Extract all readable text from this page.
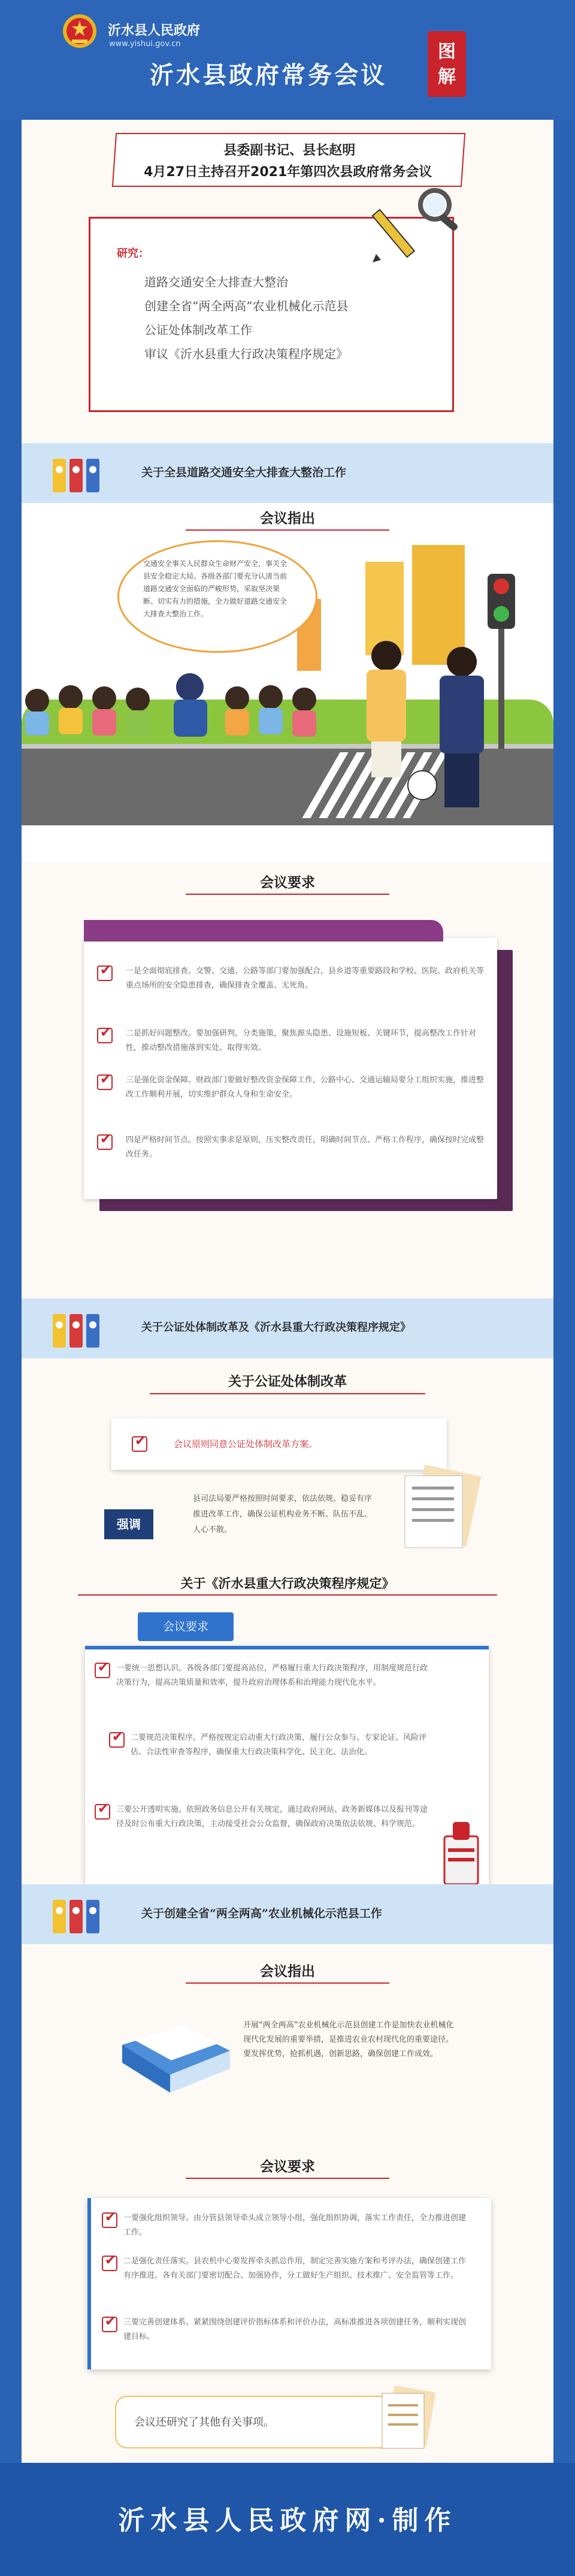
沂水县人民政府
www.yishui.gov.cn
沂水县政府常务会议
图解
县委副书记、县长赵明
4月27日主持召开2021年第四次县政府常务会议
研究：
道路交通安全大排查大整治
创建全省“两全两高”农业机械化示范县
公证处体制改革工作
审议《沂水县重大行政决策程序规定》
关于全县道路交通安全大排查大整治工作
会议指出
交通安全事关人民群众生命财产安全，事关全县安全稳定大局。各级各部门要充分认清当前道路交通安全面临的严峻形势，采取坚决果断、切实有力的措施，全力做好道路交通安全大排查大整治工作。
会议要求
✔
一是全面彻底排查。交警、交通、公路等部门要加强配合，县乡道等重要路段和学校、医院、政府机关等重点场所的安全隐患排查，确保排查全覆盖、无死角。
✔
二是抓好问题整改。要加强研判，分类施策，聚焦源头隐患、设施短板、关键环节，提高整改工作针对性，推动整改措施落到实处、取得实效。
✔
三是强化资金保障。财政部门要做好整改资金保障工作，公路中心、交通运输局要分工组织实施，推进整改工作顺利开展，切实维护群众人身和生命安全。
✔
四是严格时间节点。按照实事求是原则，压实整改责任，明确时间节点、严格工作程序，确保按时完成整改任务。
关于公证处体制改革及《沂水县重大行政决策程序规定》
关于公证处体制改革
✔
会议原则同意公证处体制改革方案。
强调
县司法局要严格按照时间要求，依法依规、稳妥有序推进改革工作，确保公证机构业务不断、队伍不乱、人心不散。
关于《沂水县重大行政决策程序规定》
会议要求
✔
一要统一思想认识。各级各部门要提高站位，严格履行重大行政决策程序，用制度规范行政决策行为，提高决策质量和效率，提升政府治理体系和治理能力现代化水平。
✔
二要规范决策程序。严格按规定启动重大行政决策，履行公众参与、专家论证、风险评估、合法性审查等程序，确保重大行政决策科学化、民主化、法治化。
✔
三要公开透明实施。依照政务信息公开有关规定，通过政府网站、政务新媒体以及报刊等途径及时公布重大行政决策，主动接受社会公众监督，确保政府决策依法依规、科学规范。
关于创建全省“两全两高”农业机械化示范县工作
会议指出
开展“两全两高”农业机械化示范县创建工作是加快农业机械化现代化发展的重要举措，是推进农业农村现代化的重要途径。要发挥优势，抢抓机遇，创新思路，确保创建工作成效。
会议要求
✔
一要强化组织领导。由分管县领导牵头成立领导小组，强化组织协调，落实工作责任，全力推进创建工作。
✔
二是强化责任落实。县农机中心要发挥牵头抓总作用，制定完善实施方案和考评办法，确保创建工作有序推进。各有关部门要密切配合、加强协作，分工做好生产组织、技术推广、安全监管等工作。
✔
三要完善创建体系。紧紧围绕创建评价指标体系和评价办法，高标准推进各项创建任务，顺利实现创建目标。
会议还研究了其他有关事项。
沂水县人民政府网·制作
